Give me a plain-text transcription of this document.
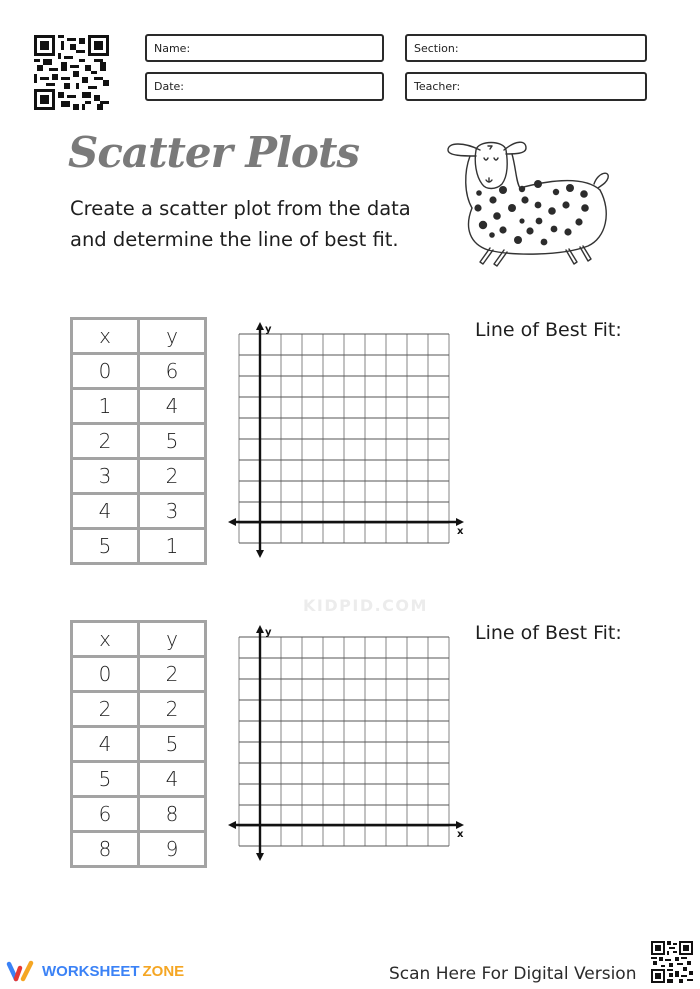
Name:	Section:
Date:	Teacher:
Scatter Plots
Create a scatter plot from the data and determine the line of best fit.
x	y
0	6
1	4
2	5
3	2
4	3
5	1
y
x
Line of Best Fit:
KIDPID.COM
x	y
0	2
2	2
4	5
5	4
6	8
8	9
y
x
Line of Best Fit:
WORKSHEET ZONE	Scan Here For Digital Version
